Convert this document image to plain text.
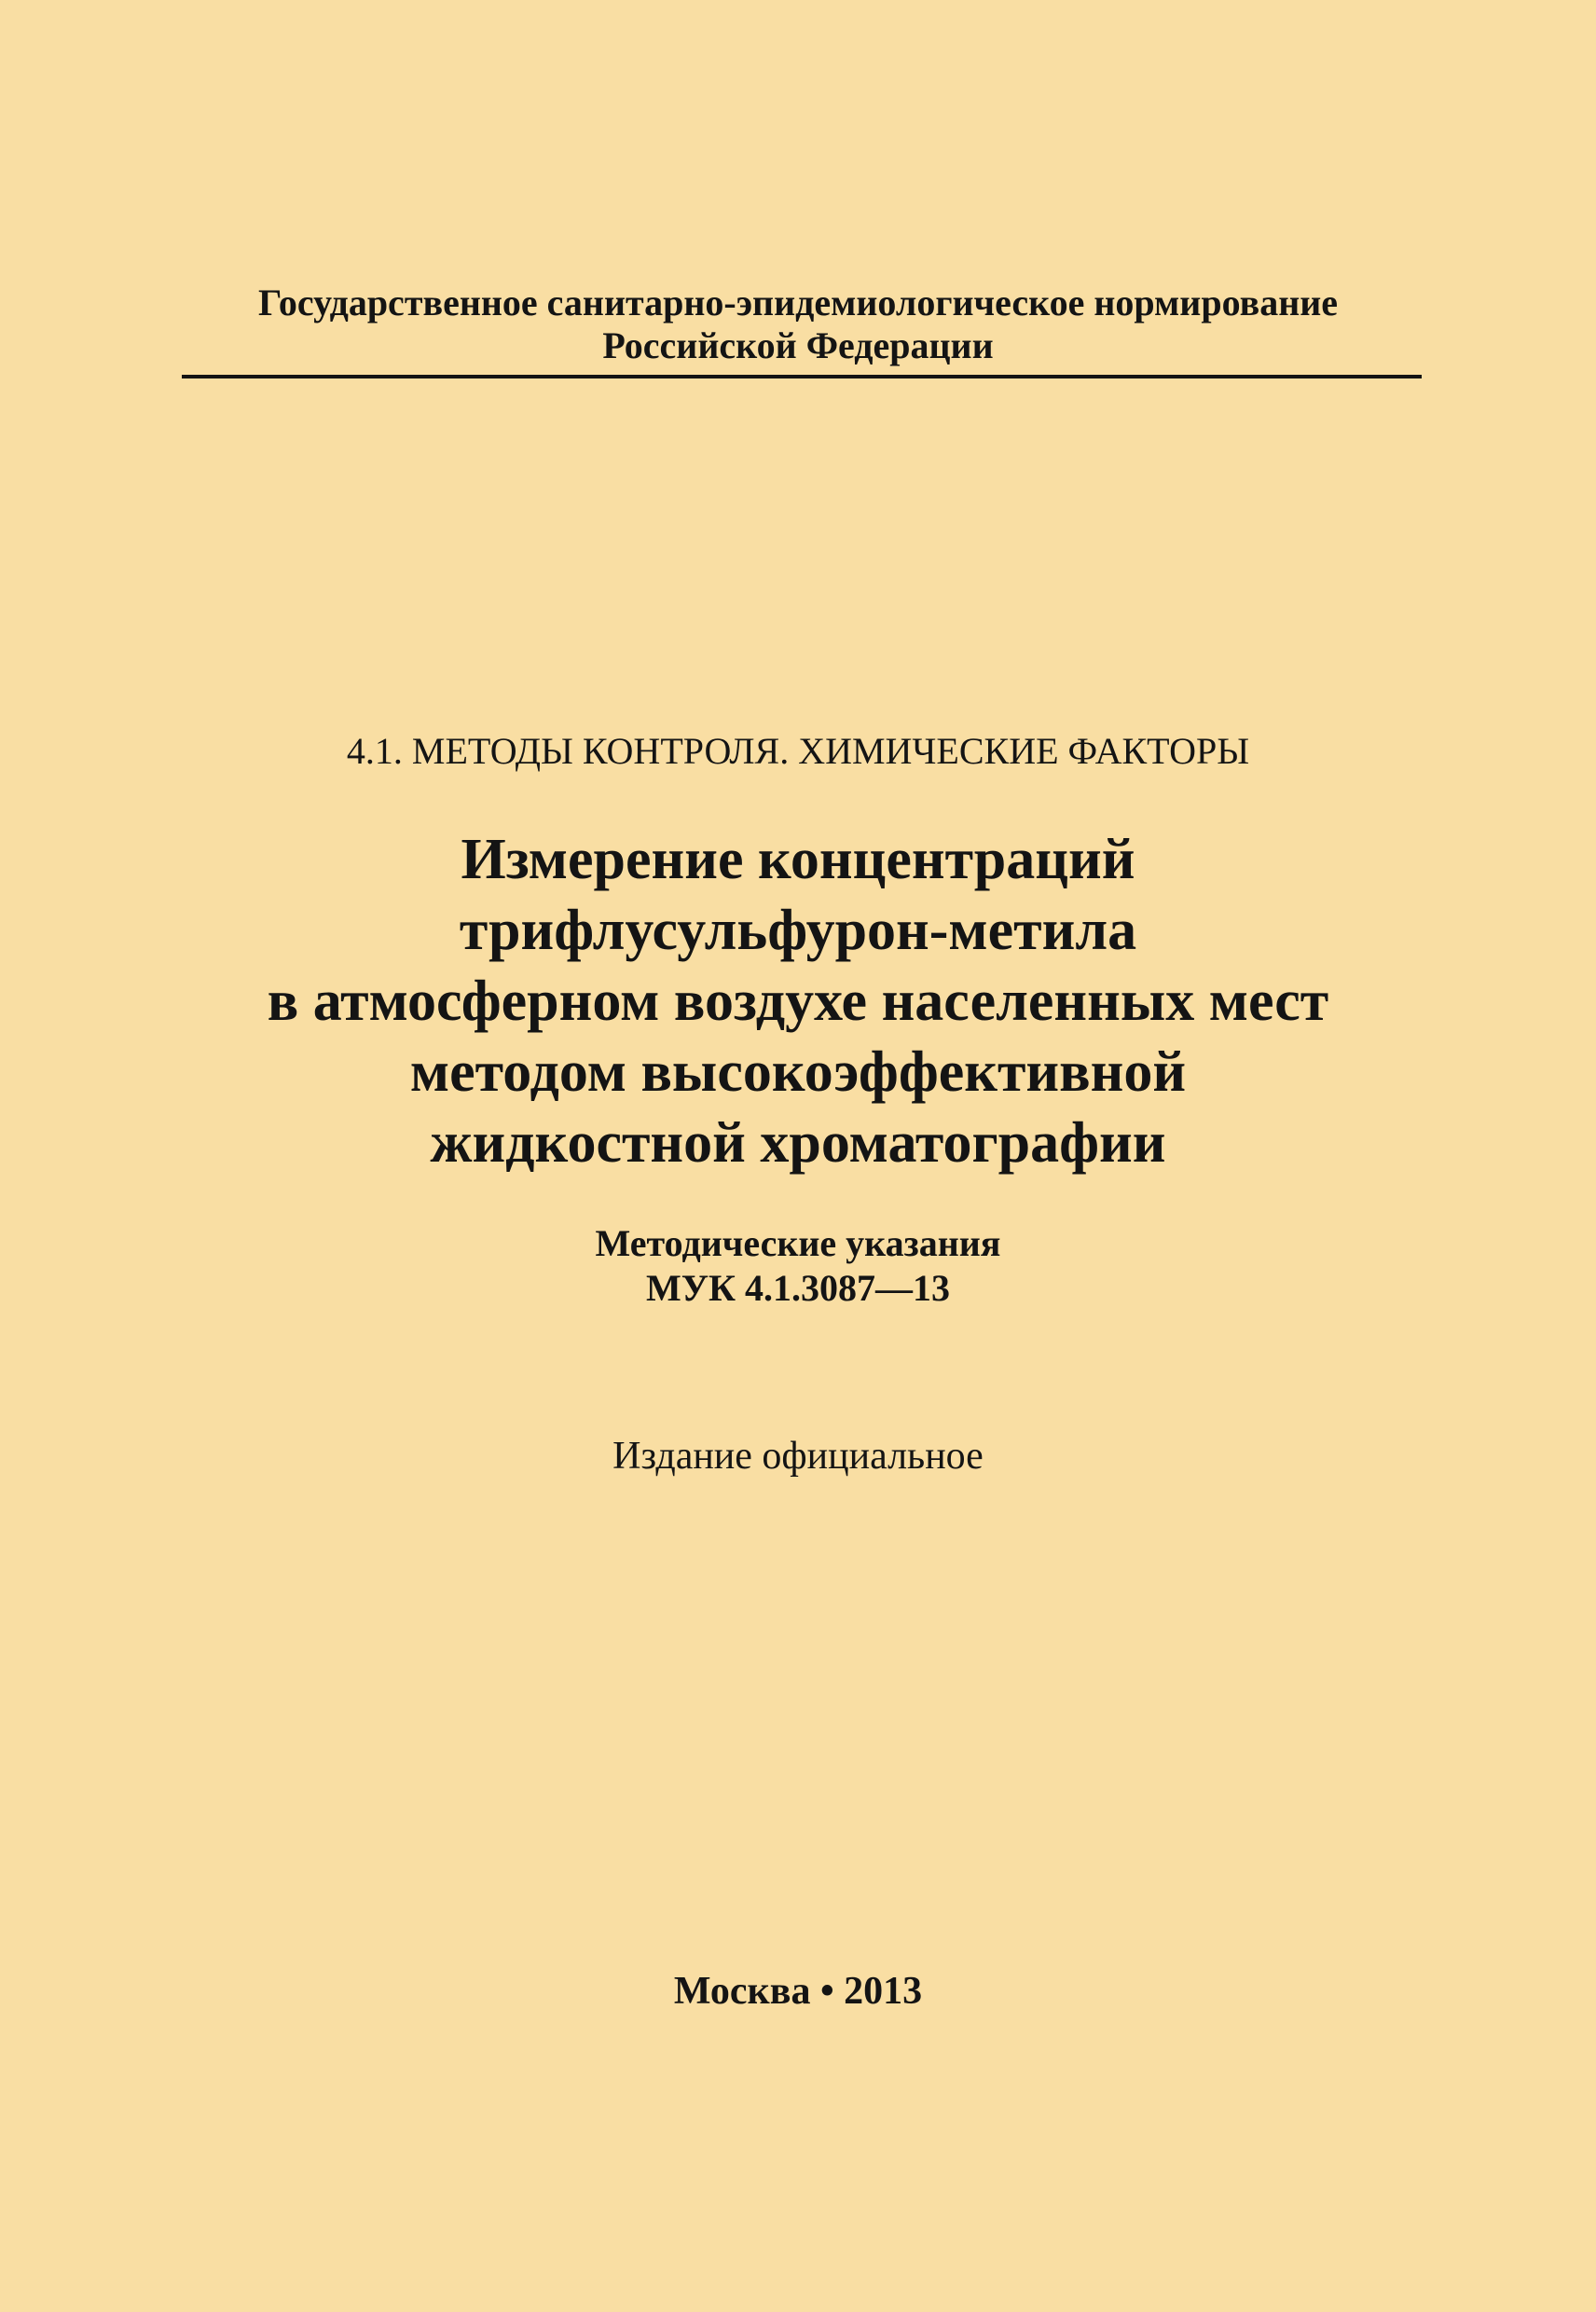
Государственное санитарно-эпидемиологическое нормирование

Российской Федерации

4.1. МЕТОДЫ КОНТРОЛЯ. ХИМИЧЕСКИЕ ФАКТОРЫ

Измерение концентраций

трифлусульфурон-метила

в атмосферном воздухе населенных мест

методом высокоэффективной

жидкостной хроматографии

Методические указания

МУК 4.1.3087—13

Издание официальное

Москва • 2013
